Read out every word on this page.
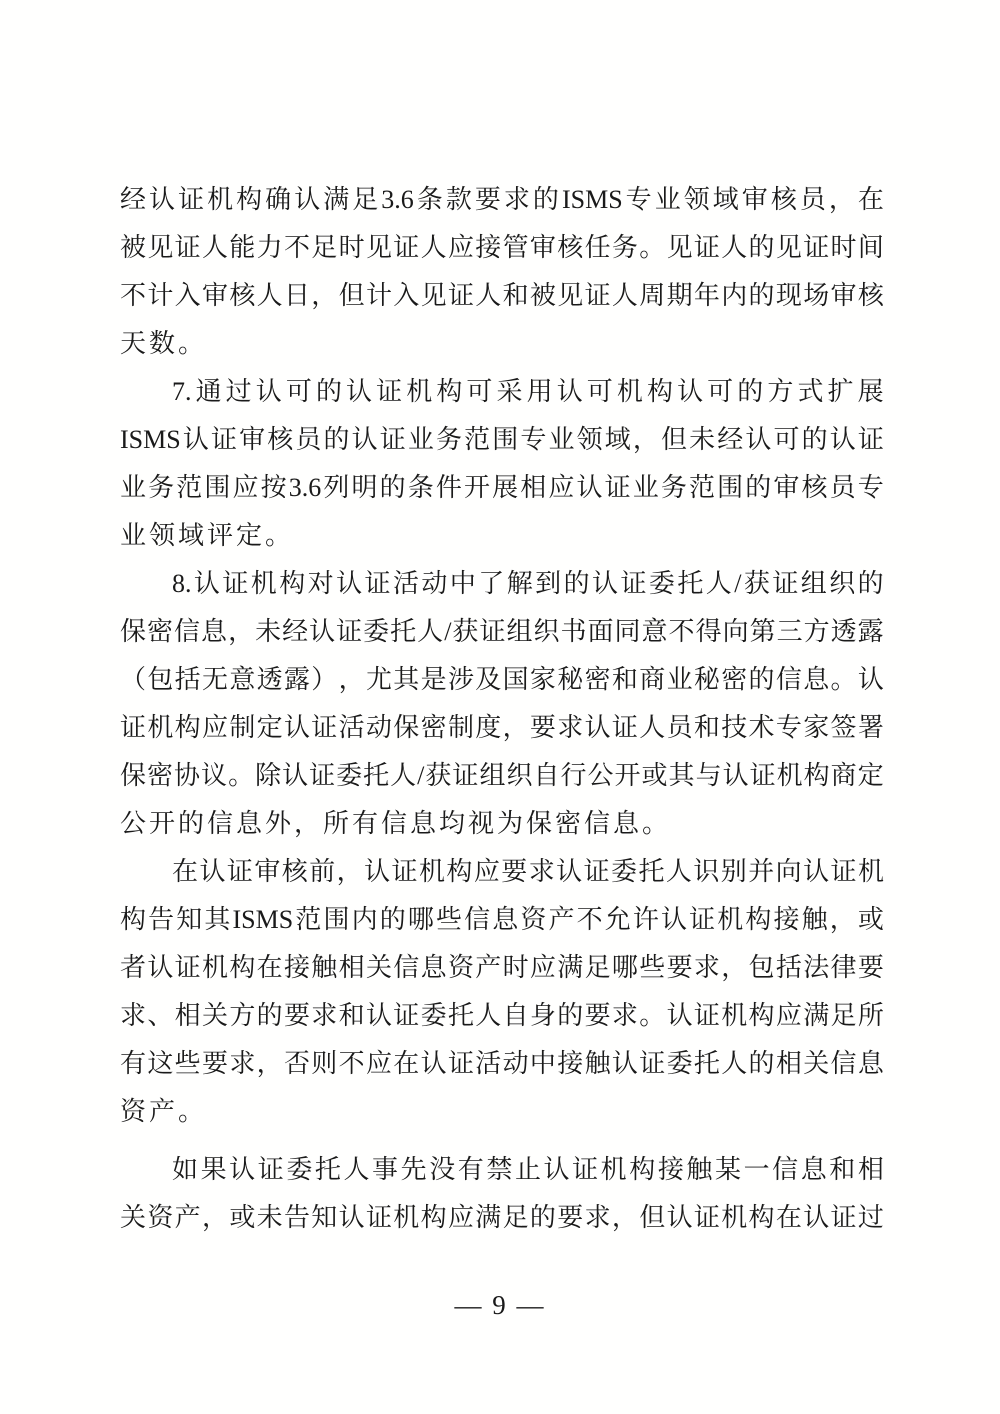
经 认 证 机 构 确 认 满 足 3.6 条 款 要 求 的 ISMS 专 业 领 域 审 核 员 ， 在
被 见 证 人 能 力 不 足 时 见 证 人 应 接 管 审 核 任 务 。 见 证 人 的 见 证 时 间
不 计 入 审 核 人 日 ， 但 计 入 见 证 人 和 被 见 证 人 周 期 年 内 的 现 场 审 核
天数。
7. 通 过 认 可 的 认 证 机 构 可 采 用 认 可 机 构 认 可 的 方 式 扩 展
ISMS 认 证 审 核 员 的 认 证 业 务 范 围 专 业 领 域 ， 但 未 经 认 可 的 认 证
业 务 范 围 应 按 3.6 列 明 的 条 件 开 展 相 应 认 证 业 务 范 围 的 审 核 员 专
业领域评定。
8. 认 证 机 构 对 认 证 活 动 中 了 解 到 的 认 证 委 托 人 / 获 证 组 织 的
保 密 信 息 ， 未 经 认 证 委 托 人 / 获 证 组 织 书 面 同 意 不 得 向 第 三 方 透 露
（ 包 括 无 意 透 露 ） ， 尤 其 是 涉 及 国 家 秘 密 和 商 业 秘 密 的 信 息 。 认
证 机 构 应 制 定 认 证 活 动 保 密 制 度 ， 要 求 认 证 人 员 和 技 术 专 家 签 署
保 密 协 议 。 除 认 证 委 托 人 / 获 证 组 织 自 行 公 开 或 其 与 认 证 机 构 商 定
公开的信息外，所有信息均视为保密信息。
在 认 证 审 核 前 ， 认 证 机 构 应 要 求 认 证 委 托 人 识 别 并 向 认 证 机
构 告 知 其 ISMS 范 围 内 的 哪 些 信 息 资 产 不 允 许 认 证 机 构 接 触 ， 或
者 认 证 机 构 在 接 触 相 关 信 息 资 产 时 应 满 足 哪 些 要 求 ， 包 括 法 律 要
求 、 相 关 方 的 要 求 和 认 证 委 托 人 自 身 的 要 求 。 认 证 机 构 应 满 足 所
有 这 些 要 求 ， 否 则 不 应 在 认 证 活 动 中 接 触 认 证 委 托 人 的 相 关 信 息
资产。
如 果 认 证 委 托 人 事 先 没 有 禁 止 认 证 机 构 接 触 某 一 信 息 和 相
关 资 产 ， 或 未 告 知 认 证 机 构 应 满 足 的 要 求 ， 但 认 证 机 构 在 认 证 过
— 9 —
